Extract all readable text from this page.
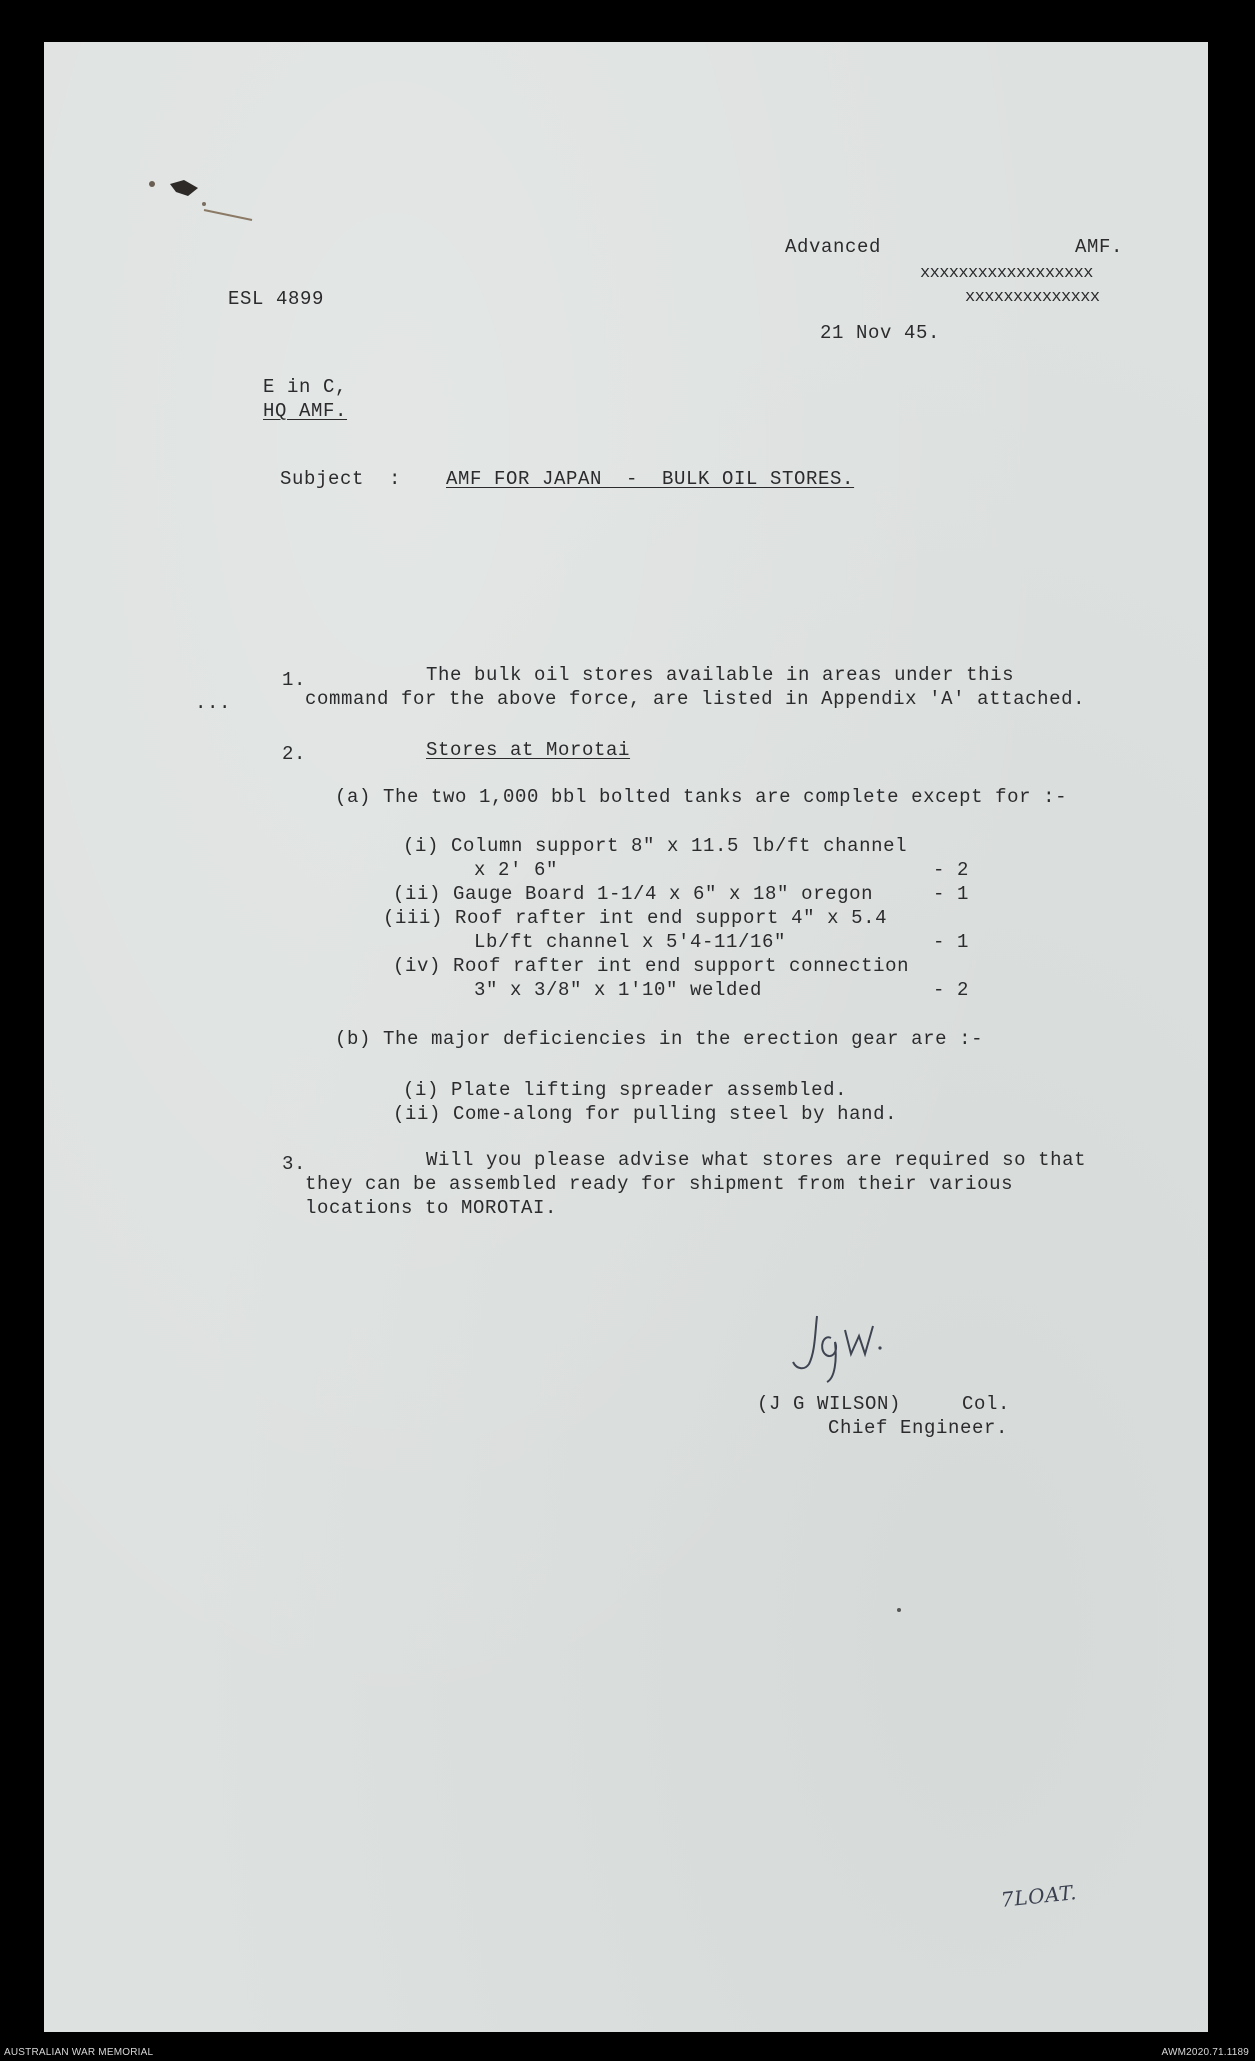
Advanced	AMF.
xxxxxxxxxxxxxxxxxx
xxxxxxxxxxxxxx
ESL 4899
21 Nov 45.
E in C,
HQ AMF.
Subject : AMF FOR JAPAN  -  BULK OIL STORES.
1.	The bulk oil stores available in areas under this
command for the above force, are listed in Appendix 'A' attached.
...
2.	Stores at Morotai
(a) The two 1,000 bbl bolted tanks are complete except for :-
(i) Column support 8" x 11.5 lb/ft channel
x 2' 6"	- 2
(ii) Gauge Board 1-1/4 x 6" x 18" oregon	- 1
(iii) Roof rafter int end support 4" x 5.4
Lb/ft channel x 5'4-11/16"	- 1
(iv) Roof rafter int end support connection
3" x 3/8" x 1'10" welded	- 2
(b) The major deficiencies in the erection gear are :-
(i) Plate lifting spreader assembled.
(ii) Come-along for pulling steel by hand.
3.	Will you please advise what stores are required so that
they can be assembled ready for shipment from their various
locations to MOROTAI.
(J G WILSON)	Col.
Chief Engineer.
7LOAT.
AUSTRALIAN WAR MEMORIAL	AWM2020.71.1189
